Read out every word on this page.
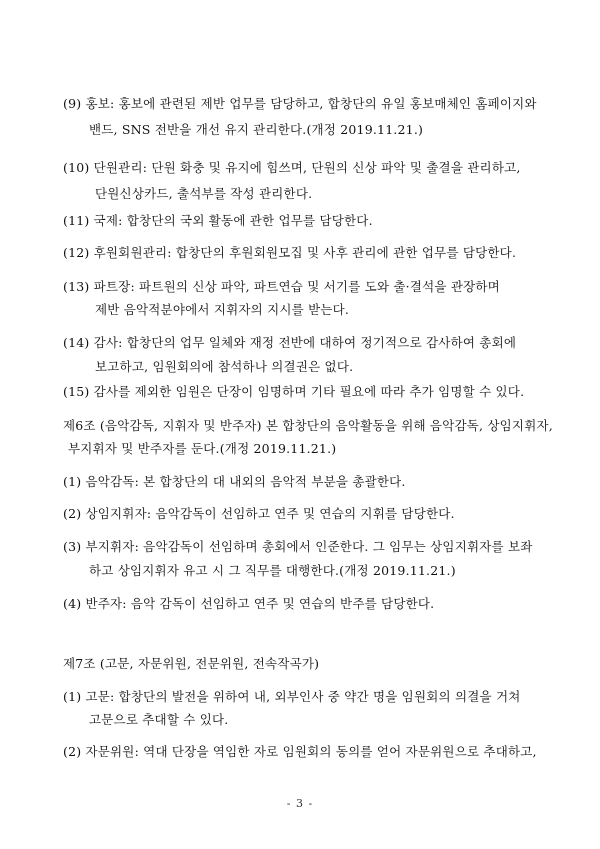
(9) 홍보: 홍보에 관련된 제반 업무를 담당하고, 합창단의 유일 홍보매체인 홈페이지와
밴드, SNS 전반을 개선 유지 관리한다.(개정 2019.11.21.)
(10) 단원관리: 단원 화충 및 유지에 힘쓰며, 단원의 신상 파악 및 출결을 관리하고,
단원신상카드, 출석부를 작성 관리한다.
(11) 국제: 합창단의 국외 활동에 관한 업무를 담당한다.
(12) 후원회원관리: 합창단의 후원회원모집 및 사후 관리에 관한 업무를 담당한다.
(13) 파트장: 파트원의 신상 파악, 파트연습 및 서기를 도와 출·결석을 관장하며
제반 음악적분야에서 지휘자의 지시를 받는다.
(14) 감사: 합창단의 업무 일체와 재정 전반에 대하여 정기적으로 감사하여 총회에
보고하고, 임원회의에 참석하나 의결권은 없다.
(15) 감사를 제외한 임원은 단장이 임명하며 기타 필요에 따라 추가 임명할 수 있다.
제6조 (음악감독, 지휘자 및 반주자) 본 합창단의 음악활동을 위해 음악감독, 상임지휘자,
부지휘자 및 반주자를 둔다.(개정 2019.11.21.)
(1) 음악감독: 본 합창단의 대 내외의 음악적 부분을 총괄한다.
(2) 상임지휘자: 음악감독이 선임하고 연주 및 연습의 지휘를 담당한다.
(3) 부지휘자: 음악감독이 선임하며 총회에서 인준한다. 그 임무는 상임지휘자를 보좌
하고 상임지휘자 유고 시 그 직무를 대행한다.(개정 2019.11.21.)
(4) 반주자: 음악 감독이 선임하고 연주 및 연습의 반주를 담당한다.
제7조 (고문, 자문위원, 전문위원, 전속작곡가)
(1) 고문: 합창단의 발전을 위하여 내, 외부인사 중 약간 명을 임원회의 의결을 거쳐
고문으로 추대할 수 있다.
(2) 자문위원: 역대 단장을 역임한 자로 임원회의 동의를 얻어 자문위원으로 추대하고,
- 3 -
